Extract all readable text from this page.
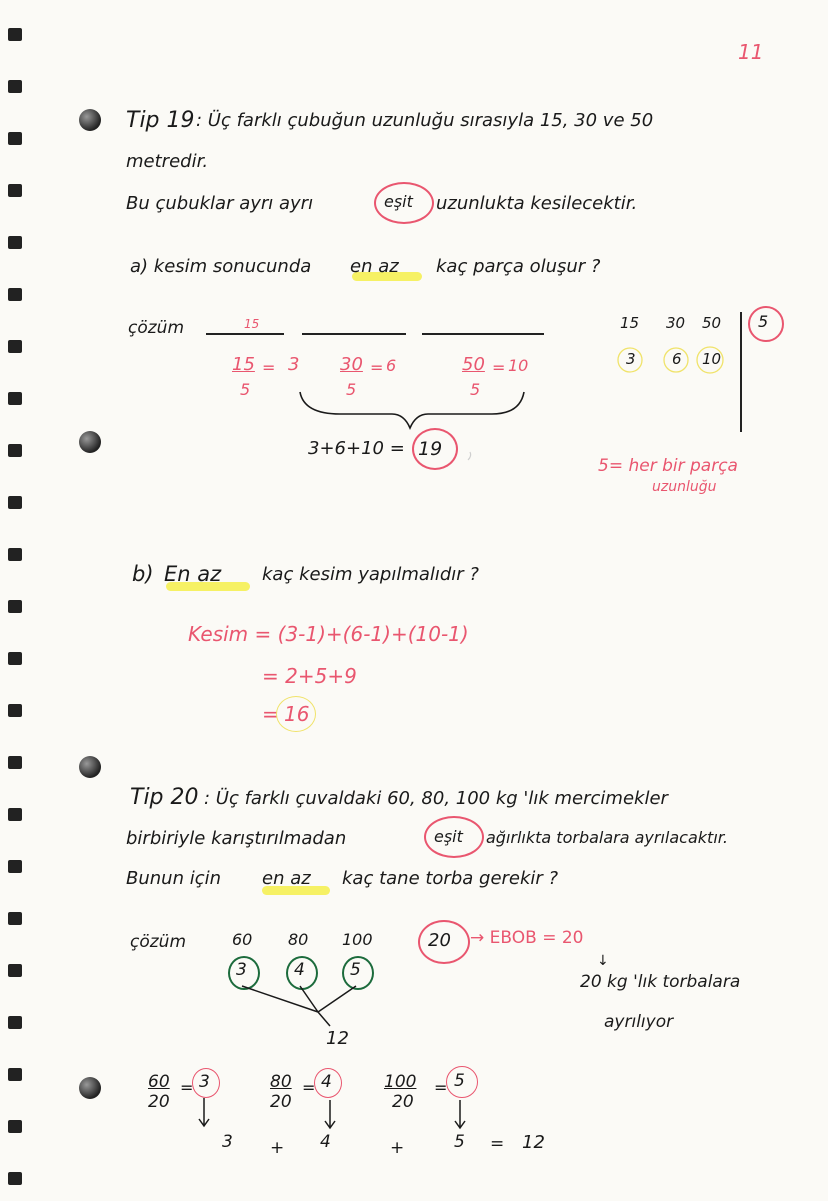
11
Tip 19 : Üç farklı çubuğun uzunluğu sırasıyla 15, 30 ve 50
metredir.
Bu çubuklar ayrı ayrı	eşit uzunlukta kesilecektir.
a) kesim sonucunda en az kaç parça oluşur ?
çözüm	15
15 = 3
5
30 = 6
5
50 = 10
5
3+6+10 = 19
15 30 50 5
3 6 10
5= her bir parça
uzunluğu
b) En az kaç kesim yapılmalıdır ?
Kesim = (3-1)+(6-1)+(10-1)
= 2+5+9
= 16
Tip 20 : Üç farklı çuvaldaki 60, 80, 100 kg 'lık mercimekler
birbiriyle karıştırılmadan	eşit ağırlıkta torbalara ayrılacaktır.
Bunun için en az kaç tane torba gerekir ?
çözüm	60 80 100
3	4	5
12
20 → EBOB = 20
↓
20 kg 'lık torbalara
ayrılıyor
60
20
= 3	80
20
= 4	100
20
= 5
3 + 4	+	5 = 12
